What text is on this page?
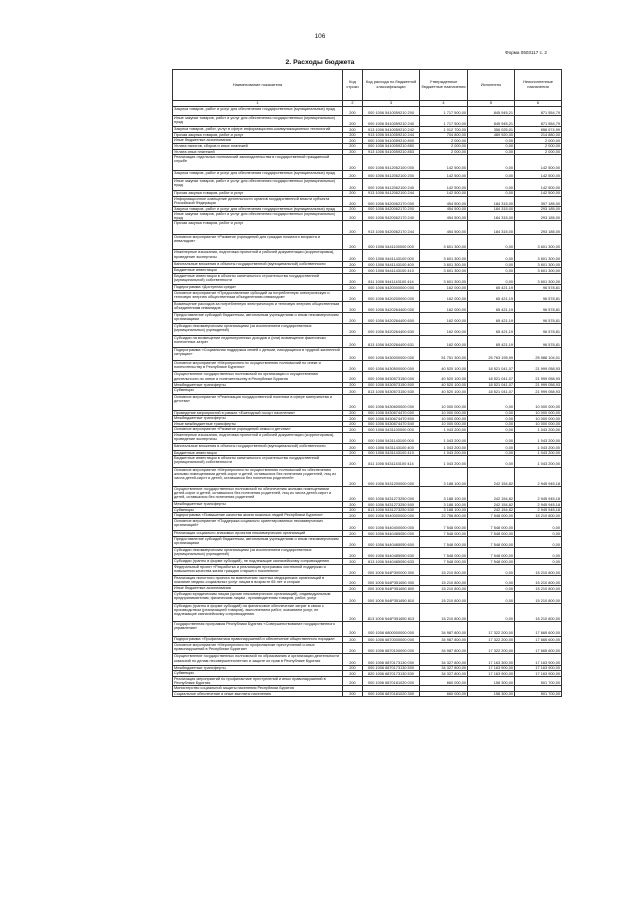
106
Форма 0503117 с. 2
2. Расходы бюджета
Наименование показателя	Код строки	Код расхода по бюджетной классификации	Утвержденные бюджетные назначения	Исполнено	Неисполненные назначения
1	2	3	4	5	6
Закупка товаров, работ и услуг для обеспечения государственных (муниципальных) нужд	200	000 1006 5410059210 200	1 717 500,00	845 945,21	871 554,79
Иные закупки товаров, работ и услуг для обеспечения государственных (муниципальных) нужд	200	000 1006 5410059210 240	1 717 500,00	845 945,21	871 554,79
Закупка товаров, работ, услуг в сфере информационно-коммуникационных технологий	200	913 1006 5410059210 242	1 012 700,00	356 025,01	656 674,99
Прочая закупка товаров, работ и услуг	200	913 1006 5410059210 244	704 800,00	489 920,00	214 880,00
Иные бюджетные ассигнования	200	000 1006 5410059210 800	2 000,00	0,00	2 000,00
Уплата налогов, сборов и иных платежей	200	000 1006 5410059210 850	2 000,00	0,00	2 000,00
Уплата иных платежей	200	913 1006 5410059210 853	2 000,00	0,00	2 000,00
Реализация отдельных полномочий законодательства в государственной гражданской службе	200	000 1006 5412062100 000	142 500,00	0,00	142 500,00
Закупка товаров, работ и услуг для обеспечения государственных (муниципальных) нужд	200	000 1006 5412062100 200	142 500,00	0,00	142 500,00
Иные закупки товаров, работ и услуг для обеспечения государственных (муниципальных) нужд	200	000 1006 5412062100 240	142 500,00	0,00	142 500,00
Прочая закупка товаров, работ и услуг	200	913 1006 5412062100 244	142 500,00	0,00	142 500,00
Информационное освещение деятельности органов государственной власти субъекта Российской Федерации	200	000 1006 5420062170 000	454 500,00	184 315,00	397 185,00
Закупка товаров, работ и услуг для обеспечения государственных (муниципальных) нужд	200	000 1006 5420062170 200	454 500,00	184 315,00	293 185,00
Иные закупки товаров, работ и услуг для обеспечения государственных (муниципальных) нужд	200	000 1006 5420062170 240	454 500,00	184 315,00	293 185,00
Прочая закупка товаров, работ и услуг	200	913 1006 5420062170 244	454 500,00	184 315,00	293 185,00
Основное мероприятие «Развитие учреждений для граждан пожилого возраста и инвалидов»	200	000 1006 5441100000 000	3 601 300,00	0,00	3 601 300,00
Инженерные изыскания, подготовка проектной и рабочей документации (корректировка), проведение экспертизы	200	000 1006 5441143100 000	3 601 300,00	0,00	3 601 300,00
Капитальные вложения в объекты государственной (муниципальной) собственности	200	000 1006 5441143100 400	3 601 300,00	0,00	3 601 300,00
Бюджетные инвестиции	200	000 1006 5441143100 410	3 601 300,00	0,00	3 601 300,00
Бюджетные инвестиции в объекты капитального строительства государственной (муниципальной) собственности	200	811 1006 5441143100 414	3 601 300,00	0,00	3 601 300,00
Подпрограмма «Доступная среда»	200	000 1006 5420000000 000	162 000,00	65 421,19	96 578,81
Основное мероприятие «Предоставление субсидий за потребленную электрическую и тепловую энергию общественным объединениям инвалидов»	200	000 1006 5420200000 000	162 000,00	65 421,19	96 578,81
Возмещение расходов за потребленную электрическую и тепловую энергию общественным объединениям инвалидов	200	000 1006 5420264400 000	162 000,00	65 421,19	96 578,81
Предоставление субсидий бюджетным, автономным учреждениям и иным некоммерческим организациям	200	000 1006 5420264400 600	162 000,00	65 421,19	96 578,81
Субсидии некоммерческим организациям (за исключением государственных (муниципальных) учреждений)	200	000 1006 5420264400 630	162 000,00	65 421,19	96 578,81
Субсидии на возмещение недополученных доходов и (или) возмещение фактически понесенных затрат	200	813 1006 5420264400 631	162 000,00	65 421,19	96 578,81
Подпрограмма «Социальная поддержка семей с детьми, находящихся в трудной жизненной ситуации»	200	000 1006 5430000000 000	51 751 300,00	25 763 195,99	25 988 104,01
Основное мероприятие «Мероприятия по осуществлению полномочий по опеке и попечительству в Республике Бурятия»	200	000 1006 5430500000 000	40 520 100,00	18 521 041,07	21 999 058,93
Осуществление государственных полномочий по организации и осуществлению деятельности по опеке и попечительству в Республике Бурятия	200	000 1006 5430573150 000	40 520 100,00	18 521 041,07	21 999 058,93
Межбюджетные трансферты	200	000 1006 5430573150 500	40 520 100,00	18 521 041,07	21 999 058,93
Субвенции	200	813 1006 5430573150 530	40 520 100,00	18 521 041,07	21 999 058,93
Основное мероприятие «Реализация государственной политики в сфере материнства и детства»	200	000 1006 5430600000 000	10 000 000,00	0,00	10 000 000,00
Проведение мероприятий в рамках «Ежегодный госорт населения»	200	000 1006 5430674470 000	10 000 000,00	0,00	10 000 000,00
Межбюджетные трансферты	200	000 1006 5430674470 500	10 000 000,00	0,00	10 000 000,00
Иные межбюджетные трансферты	200	000 1006 5430674470 540	10 000 000,00	0,00	10 000 000,00
Основное мероприятие «Развитие учреждений семьи и детства»	200	000 1006 5431100000 000	1 043 200,00	0,00	1 043 200,00
Инженерные изыскания, подготовка проектной и рабочей документации (корректировка), проведение экспертизы	200	000 1006 5431143100 000	1 043 200,00	0,00	1 043 200,00
Капитальные вложения в объекты государственной (муниципальной) собственности	200	000 1006 5431143100 400	1 043 200,00	0,00	1 043 200,00
Бюджетные инвестиции	200	000 1006 5431143100 410	1 043 200,00	0,00	1 043 200,00
Бюджетные инвестиции в объекты капитального строительства государственной (муниципальной) собственности	200	811 1006 5431143100 414	1 043 200,00	0,00	1 043 200,00
Основное мероприятие «Мероприятия по осуществлению полномочий по обеспечению жилыми помещениями детей-сирот и детей, оставшихся без попечения родителей, лиц из числа детей-сирот и детей, оставшихся без попечения родителей»	200	000 1006 5431200000 000	3 188 100,00	242 154,82	2 945 945,18
Осуществление государственных полномочий по обеспечению жилыми помещениями детей-сирот и детей, оставшихся без попечения родителей, лиц из числа детей-сирот и детей, оставшихся без попечения родителей	200	000 1006 5431273250 000	3 188 100,00	242 154,82	2 945 945,18
Межбюджетные трансферты	200	000 1006 5431273250 500	3 188 100,00	242 154,82	2 945 945,18
Субвенции	200	813 1006 5431273250 530	3 188 100,00	242 154,82	2 945 945,18
Подпрограмма «Повышение качества жизни пожилых людей Республики Бурятия»	200	000 1006 5440000000 000	22 758 800,00	7 548 000,00	15 210 800,00
Основное мероприятие «Поддержка социально ориентированных некоммерческих организаций»	200	000 1006 5440400000 000	7 548 000,00	7 548 000,00	0,00
Реализация социально значимых проектов некоммерческих организаций	200	000 1006 5440485050 000	7 548 000,00	7 548 000,00	0,00
Предоставление субсидий бюджетным, автономным учреждениям и иным некоммерческим организациям	200	000 1006 5440485050 600	7 548 000,00	7 548 000,00	0,00
Субсидии некоммерческим организациям (за исключением государственных (муниципальных) учреждений)	200	000 1006 5440485050 630	7 548 000,00	7 548 000,00	0,00
Субсидии (гранты в форме субсидий), не подлежащие казначейскому сопровождению	200	813 1006 5440485050 633	7 548 000,00	7 548 000,00	0,00
Федеральный проект «Разработка и реализация программы системной поддержки и повышения качества жизни граждан старшего поколения»	200	000 1006 544P300000 000	15 210 800,00	0,00	15 210 800,00
Реализация пилотного проекта по вовлечению частных медицинских организаций в оказание медико-социальных услуг лицам в возрасте 65 лет и старше	200	000 1006 544P351650 000	15 210 800,00	0,00	15 210 800,00
Иные бюджетные ассигнования	200	000 1006 544P351650 800	15 210 800,00	0,00	15 210 800,00
Субсидии юридическим лицам (кроме некоммерческих организаций), индивидуальным предпринимателям, физическим лицам - производителям товаров, работ, услуг	200	000 1006 544P351650 810	15 210 800,00	0,00	15 210 800,00
Субсидии (гранты в форме субсидий) на финансовое обеспечение затрат в связи с производством (реализацией товаров), выполнением работ, оказанием услуг, не подлежащие казначейскому сопровождению	200	813 1006 544P351650 813	15 210 800,00	0,00	15 210 800,00
Государственная программа Республики Бурятия «Совершенствование государственного управления»	200	000 1006 6800000000 000	34 987 800,00	17 322 200,00	17 665 600,00
Подпрограмма «Профилактика правонарушений и обеспечение общественного порядка»	200	000 1006 6870000000 000	34 987 800,00	17 322 200,00	17 665 600,00
Основное мероприятие «Мероприятия по профилактике преступлений и иных правонарушений в Республике Бурятия»	200	000 1006 6870100000 000	34 987 800,00	17 322 200,00	17 665 600,00
Осуществление государственных полномочий по образованию и организации деятельности комиссий по делам несовершеннолетних и защите их прав в Республике Бурятия	200	000 1006 6870173130 000	34 327 800,00	17 163 300,00	17 163 900,00
Межбюджетные трансферты	200	000 1006 6870173130 500	34 327 800,00	17 163 900,00	17 163 900,00
Субвенции	200	820 1006 6870173130 530	34 327 800,00	17 163 900,00	17 163 900,00
Реализация мероприятий по профилактике преступлений и иных правонарушений в Республике Бурятия	200	000 1006 6870181020 000	660 000,00	158 300,00	501 700,00
Министерство социальной защиты населения Республики Бурятия					
Социальное обеспечение и иные выплаты населению	200	000 1006 6870181020 300	660 000,00	158 300,00	501 700,00
